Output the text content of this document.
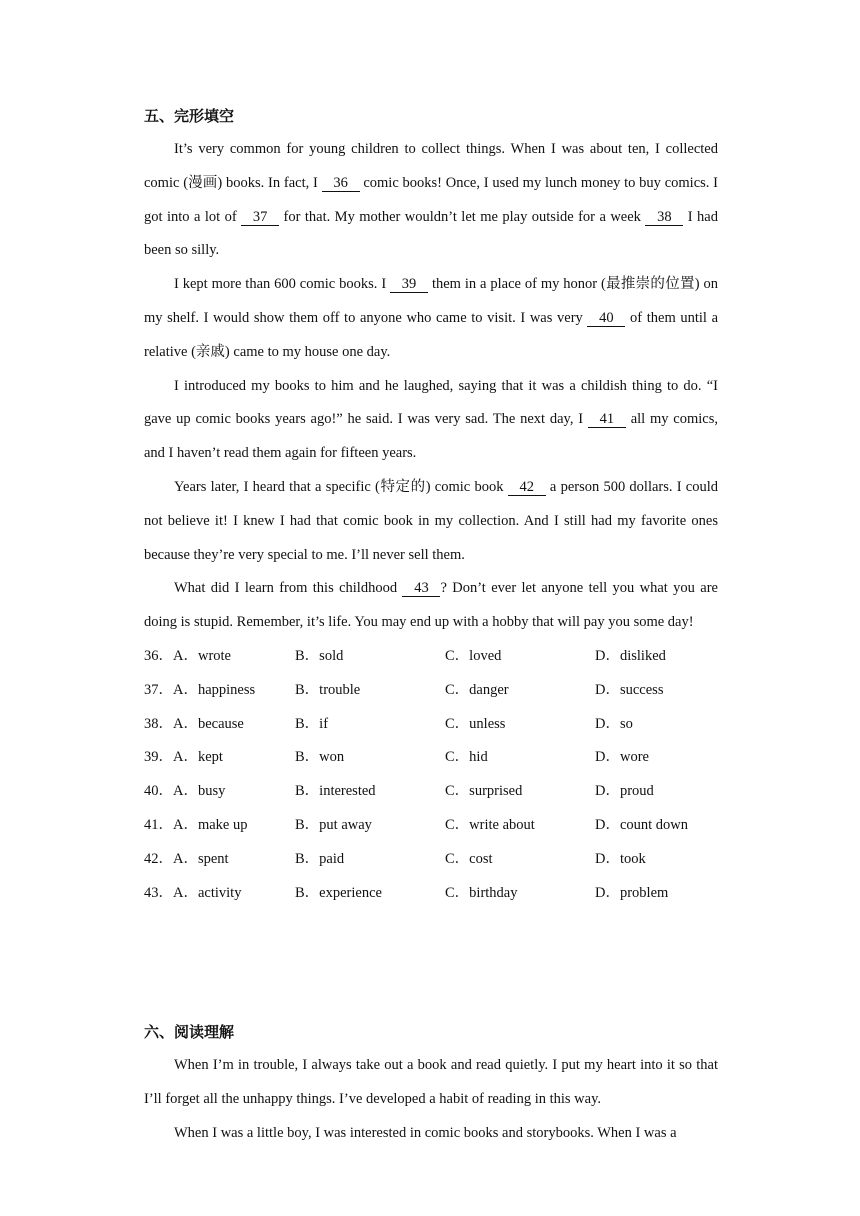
五、完形填空

It’s very common for young children to collect things. When I was about ten, I collected comic (漫画) books. In fact, I 36 comic books! Once, I used my lunch money to buy comics. I got into a lot of 37 for that. My mother wouldn’t let me play outside for a week 38 I had been so silly.

I kept more than 600 comic books. I 39 them in a place of my honor (最推崇的位置) on my shelf. I would show them off to anyone who came to visit. I was very 40 of them until a relative (亲戚) came to my house one day.

I introduced my books to him and he laughed, saying that it was a childish thing to do. “I gave up comic books years ago!” he said. I was very sad. The next day, I 41 all my comics, and I haven’t read them again for fifteen years.

Years later, I heard that a specific (特定的) comic book 42 a person 500 dollars. I could not believe it! I knew I had that comic book in my collection. And I still had my favorite ones because they’re very special to me. I’ll never sell them.

What did I learn from this childhood 43 ? Don’t ever let anyone tell you what you are doing is stupid. Remember, it’s life. You may end up with a hobby that will pay you some day!

36． A．wrote	B．sold	C．loved	D．disliked
37． A．happiness	B．trouble	C．danger	D．success
38． A．because	B．if	C．unless	D．so
39． A．kept	B．won	C．hid	D．wore
40． A．busy	B．interested	C．surprised	D．proud
41． A．make up	B．put away	C．write about	D．count down
42． A．spent	B．paid	C．cost	D．took
43． A．activity	B．experience	C．birthday	D．problem

六、阅读理解

When I’m in trouble, I always take out a book and read quietly. I put my heart into it so that I’ll forget all the unhappy things. I’ve developed a habit of reading in this way.

When I was a little boy, I was interested in comic books and storybooks. When I was a
